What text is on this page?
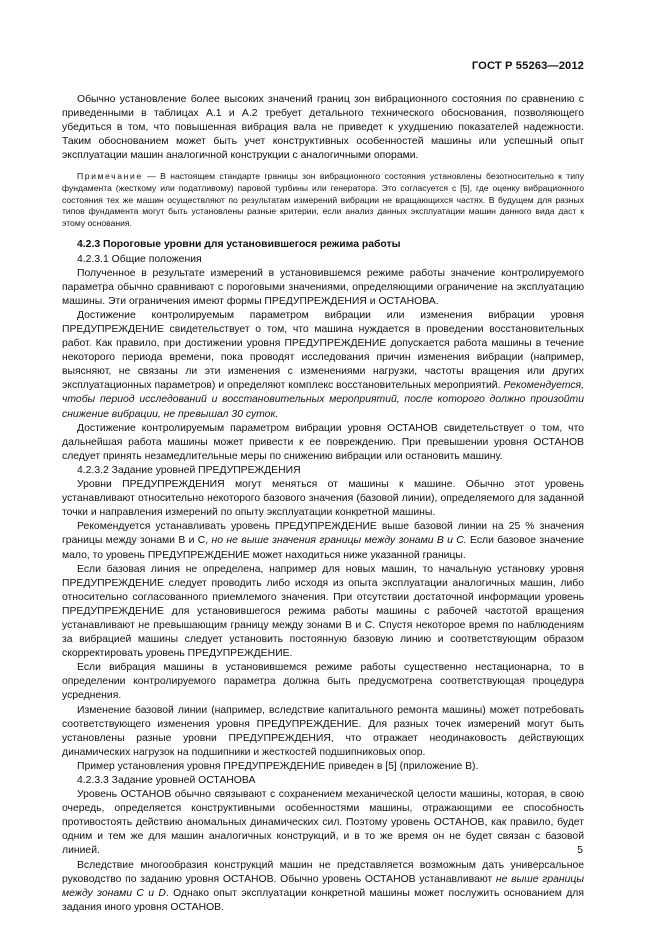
ГОСТ Р 55263—2012

Обычно установление более высоких значений границ зон вибрационного состояния по сравнению с приведенными в таблицах А.1 и А.2 требует детального технического обоснования, позволяющего убедиться в том, что повышенная вибрация вала не приведет к ухудшению показателей надежности. Таким обоснованием может быть учет конструктивных особенностей машины или успешный опыт эксплуатации машин аналогичной конструкции с аналогичными опорами.

Примечание — В настоящем стандарте границы зон вибрационного состояния установлены безотносительно к типу фундамента (жесткому или податливому) паровой турбины или генератора. Это согласуется с [5], где оценку вибрационного состояния тех же машин осуществляют по результатам измерений вибрации не вращающихся частях. В будущем для разных типов фундамента могут быть установлены разные критерии, если анализ данных эксплуатации машин данного вида даст к этому основания.

4.2.3 Пороговые уровни для установившегося режима работы

4.2.3.1 Общие положения

Полученное в результате измерений в установившемся режиме работы значение контролируемого параметра обычно сравнивают с пороговыми значениями, определяющими ограничение на эксплуатацию машины. Эти ограничения имеют формы ПРЕДУПРЕЖДЕНИЯ и ОСТАНОВА.

Достижение контролируемым параметром вибрации или изменения вибрации уровня ПРЕДУПРЕЖДЕНИЕ свидетельствует о том, что машина нуждается в проведении восстановительных работ. Как правило, при достижении уровня ПРЕДУПРЕЖДЕНИЕ допускается работа машины в течение некоторого периода времени, пока проводят исследования причин изменения вибрации (например, выясняют, не связаны ли эти изменения с изменениями нагрузки, частоты вращения или других эксплуатационных параметров) и определяют комплекс восстановительных мероприятий. Рекомендуется, чтобы период исследований и восстановительных мероприятий, после которого должно произойти снижение вибрации, не превышал 30 суток.

Достижение контролируемым параметром вибрации уровня ОСТАНОВ свидетельствует о том, что дальнейшая работа машины может привести к ее повреждению. При превышении уровня ОСТАНОВ следует принять незамедлительные меры по снижению вибрации или остановить машину.

4.2.3.2 Задание уровней ПРЕДУПРЕЖДЕНИЯ

Уровни ПРЕДУПРЕЖДЕНИЯ могут меняться от машины к машине. Обычно этот уровень устанавливают относительно некоторого базового значения (базовой линии), определяемого для заданной точки и направления измерений по опыту эксплуатации конкретной машины.

Рекомендуется устанавливать уровень ПРЕДУПРЕЖДЕНИЕ выше базовой линии на 25 % значения границы между зонами B и C, но не выше значения границы между зонами B и C. Если базовое значение мало, то уровень ПРЕДУПРЕЖДЕНИЕ может находиться ниже указанной границы.

Если базовая линия не определена, например для новых машин, то начальную установку уровня ПРЕДУПРЕЖДЕНИЕ следует проводить либо исходя из опыта эксплуатации аналогичных машин, либо относительно согласованного приемлемого значения. При отсутствии достаточной информации уровень ПРЕДУПРЕЖДЕНИЕ для установившегося режима работы машины с рабочей частотой вращения устанавливают не превышающим границу между зонами B и C. Спустя некоторое время по наблюдениям за вибрацией машины следует установить постоянную базовую линию и соответствующим образом скорректировать уровень ПРЕДУПРЕЖДЕНИЕ.

Если вибрация машины в установившемся режиме работы существенно нестационарна, то в определении контролируемого параметра должна быть предусмотрена соответствующая процедура усреднения.

Изменение базовой линии (например, вследствие капитального ремонта машины) может потребовать соответствующего изменения уровня ПРЕДУПРЕЖДЕНИЕ. Для разных точек измерений могут быть установлены разные уровни ПРЕДУПРЕЖДЕНИЯ, что отражает неодинаковость действующих динамических нагрузок на подшипники и жесткостей подшипниковых опор.

Пример установления уровня ПРЕДУПРЕЖДЕНИЕ приведен в [5] (приложение В).

4.2.3.3 Задание уровней ОСТАНОВА

Уровень ОСТАНОВ обычно связывают с сохранением механической целости машины, которая, в свою очередь, определяется конструктивными особенностями машины, отражающими ее способность противостоять действию аномальных динамических сил. Поэтому уровень ОСТАНОВ, как правило, будет одним и тем же для машин аналогичных конструкций, и в то же время он не будет связан с базовой линией.

Вследствие многообразия конструкций машин не представляется возможным дать универсальное руководство по заданию уровня ОСТАНОВ. Обычно уровень ОСТАНОВ устанавливают не выше границы между зонами C и D. Однако опыт эксплуатации конкретной машины может послужить основанием для задания иного уровня ОСТАНОВ.

5
